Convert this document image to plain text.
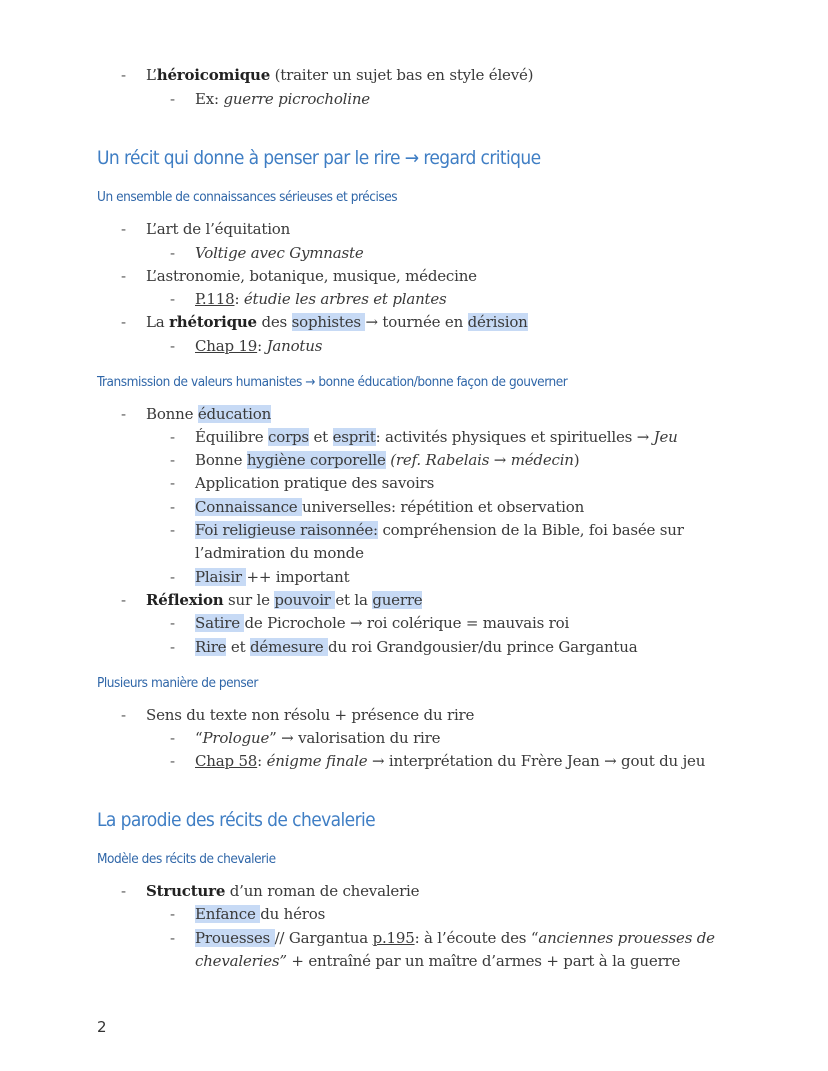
- L’héroicomique (traiter un sujet bas en style élevé)
- Ex: guerre picrocholine
Un récit qui donne à penser par le rire → regard critique
Un ensemble de connaissances sérieuses et précises
- L’art de l’équitation
- Voltige avec Gymnaste
- L’astronomie, botanique, musique, médecine
- P.118: étudie les arbres et plantes
- La rhétorique des sophistes → tournée en dérision
- Chap 19: Janotus
Transmission de valeurs humanistes → bonne éducation/bonne façon de gouverner
- Bonne éducation
- Équilibre corps et esprit: activités physiques et spirituelles → Jeu
- Bonne hygiène corporelle (ref. Rabelais → médecin)
- Application pratique des savoirs
- Connaissance universelles: répétition et observation
- Foi religieuse raisonnée: compréhension de la Bible, foi basée sur
l’admiration du monde
- Plaisir ++ important
- Réflexion sur le pouvoir et la guerre
- Satire de Picrochole → roi colérique = mauvais roi
- Rire et démesure du roi Grandgousier/du prince Gargantua
Plusieurs manière de penser
- Sens du texte non résolu + présence du rire
- “Prologue” → valorisation du rire
- Chap 58: énigme finale → interprétation du Frère Jean → gout du jeu
La parodie des récits de chevalerie
Modèle des récits de chevalerie
- Structure d’un roman de chevalerie
- Enfance du héros
- Prouesses // Gargantua p.195: à l’écoute des “anciennes prouesses de
chevaleries” + entraîné par un maître d’armes + part à la guerre
2
